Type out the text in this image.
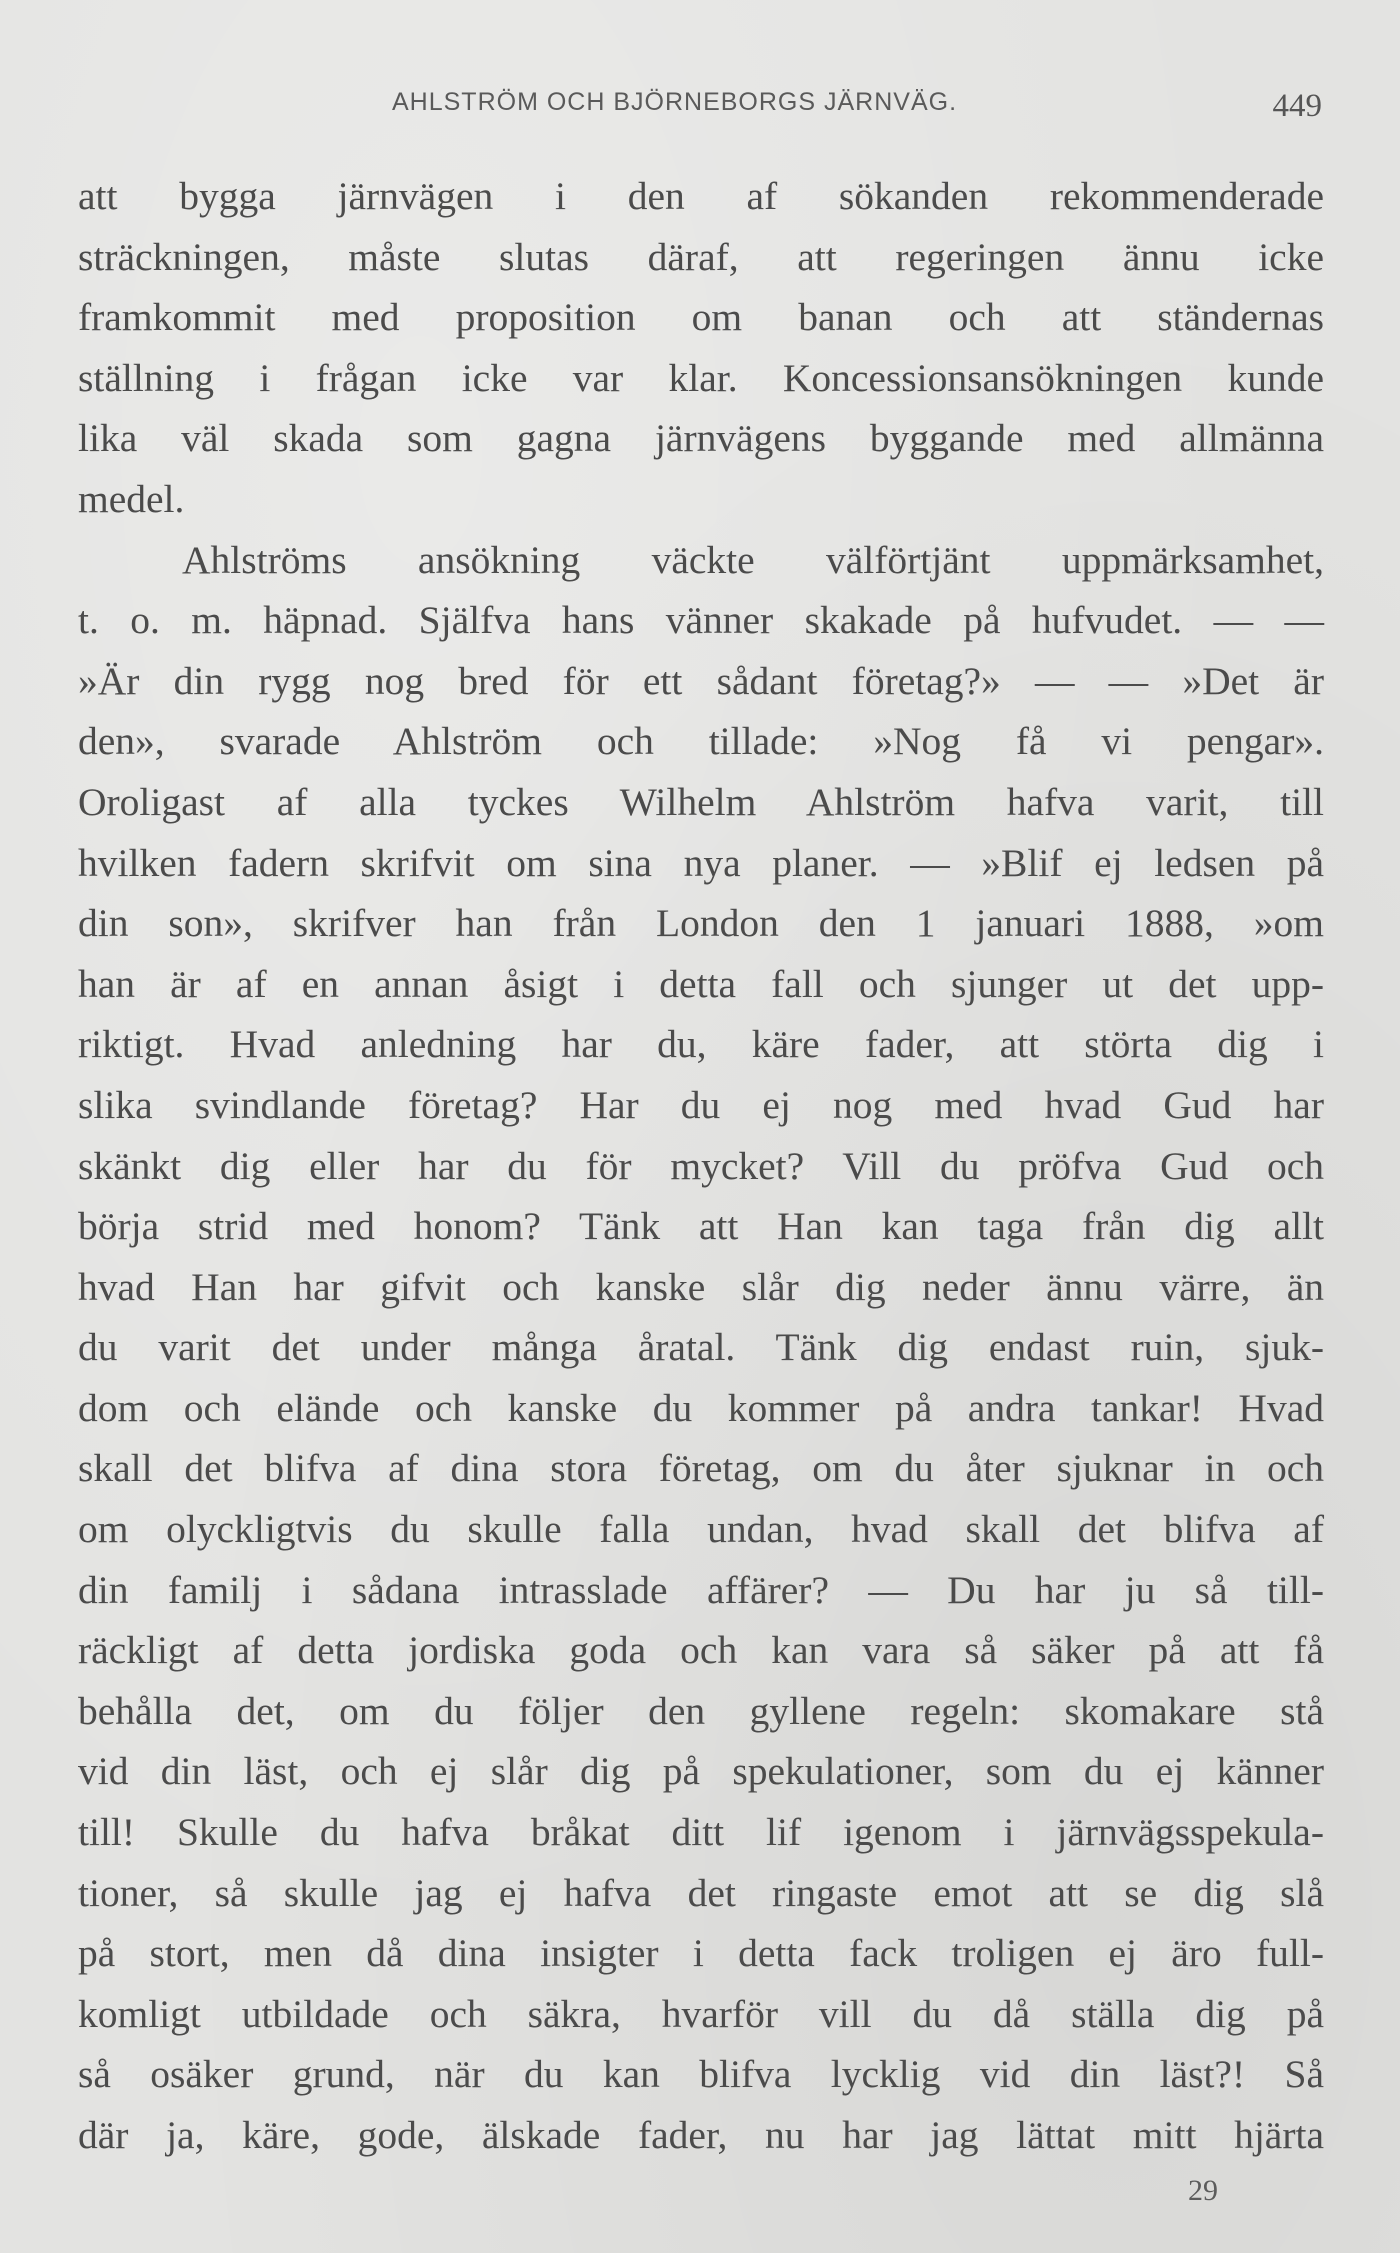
AHLSTRÖM OCH BJÖRNEBORGS JÄRNVÄG.	449
att bygga järnvägen i den af sökanden rekommenderade
sträckningen, måste slutas däraf, att regeringen ännu icke
framkommit med proposition om banan och att ständernas
ställning i frågan icke var klar. Koncessionsansökningen kunde
lika väl skada som gagna järnvägens byggande med allmänna
medel.
Ahlströms ansökning väckte välförtjänt uppmärksamhet,
t. o. m. häpnad. Själfva hans vänner skakade på hufvudet. — —
»Är din rygg nog bred för ett sådant företag?» — — »Det är
den», svarade Ahlström och tillade: »Nog få vi pengar».
Oroligast af alla tyckes Wilhelm Ahlström hafva varit, till
hvilken fadern skrifvit om sina nya planer. — »Blif ej ledsen på
din son», skrifver han från London den 1 januari 1888, »om
han är af en annan åsigt i detta fall och sjunger ut det upp-
riktigt. Hvad anledning har du, käre fader, att störta dig i
slika svindlande företag? Har du ej nog med hvad Gud har
skänkt dig eller har du för mycket? Vill du pröfva Gud och
börja strid med honom? Tänk att Han kan taga från dig allt
hvad Han har gifvit och kanske slår dig neder ännu värre, än
du varit det under många åratal. Tänk dig endast ruin, sjuk-
dom och elände och kanske du kommer på andra tankar! Hvad
skall det blifva af dina stora företag, om du åter sjuknar in och
om olyckligtvis du skulle falla undan, hvad skall det blifva af
din familj i sådana intrasslade affärer? — Du har ju så till-
räckligt af detta jordiska goda och kan vara så säker på att få
behålla det, om du följer den gyllene regeln: skomakare stå
vid din läst, och ej slår dig på spekulationer, som du ej känner
till! Skulle du hafva bråkat ditt lif igenom i järnvägsspekula-
tioner, så skulle jag ej hafva det ringaste emot att se dig slå
på stort, men då dina insigter i detta fack troligen ej äro full-
komligt utbildade och säkra, hvarför vill du då ställa dig på
så osäker grund, när du kan blifva lycklig vid din läst?! Så
där ja, käre, gode, älskade fader, nu har jag lättat mitt hjärta
29
